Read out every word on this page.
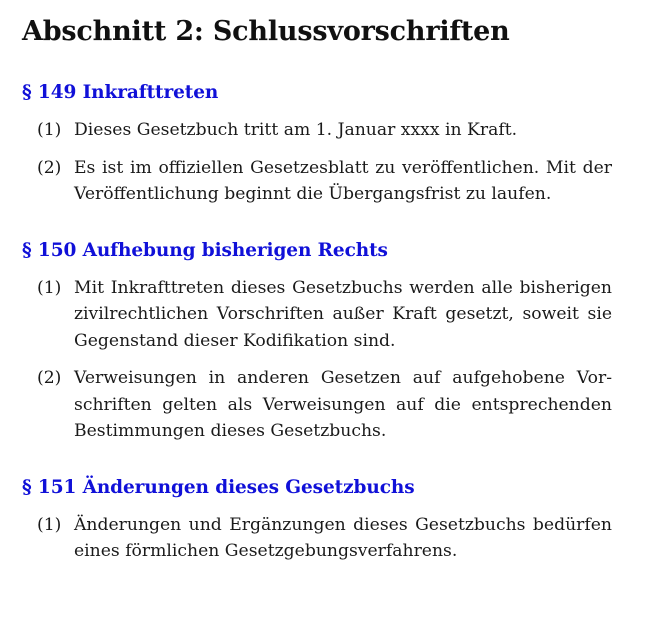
Abschnitt 2: Schlussvorschriften
§ 149 Inkrafttreten
(1) Dieses Gesetzbuch tritt am 1. Januar xxxx in Kraft.
(2) Es ist im offiziellen Gesetzesblatt zu veröffentlichen. Mit der Veröffentlichung beginnt die Übergangsfrist zu laufen.
§ 150 Aufhebung bisherigen Rechts
(1) Mit Inkrafttreten dieses Gesetzbuchs werden alle bisherigen zivilrechtlichen Vorschriften außer Kraft gesetzt, soweit sie Gegenstand dieser Kodifikation sind.
(2) Verweisungen in anderen Gesetzen auf aufgehobene Vorschriften gelten als Verweisungen auf die entsprechenden Bestimmungen dieses Gesetzbuchs.
§ 151 Änderungen dieses Gesetzbuchs
(1) Änderungen und Ergänzungen dieses Gesetzbuchs bedürfen eines förmlichen Gesetzgebungsverfahrens.
